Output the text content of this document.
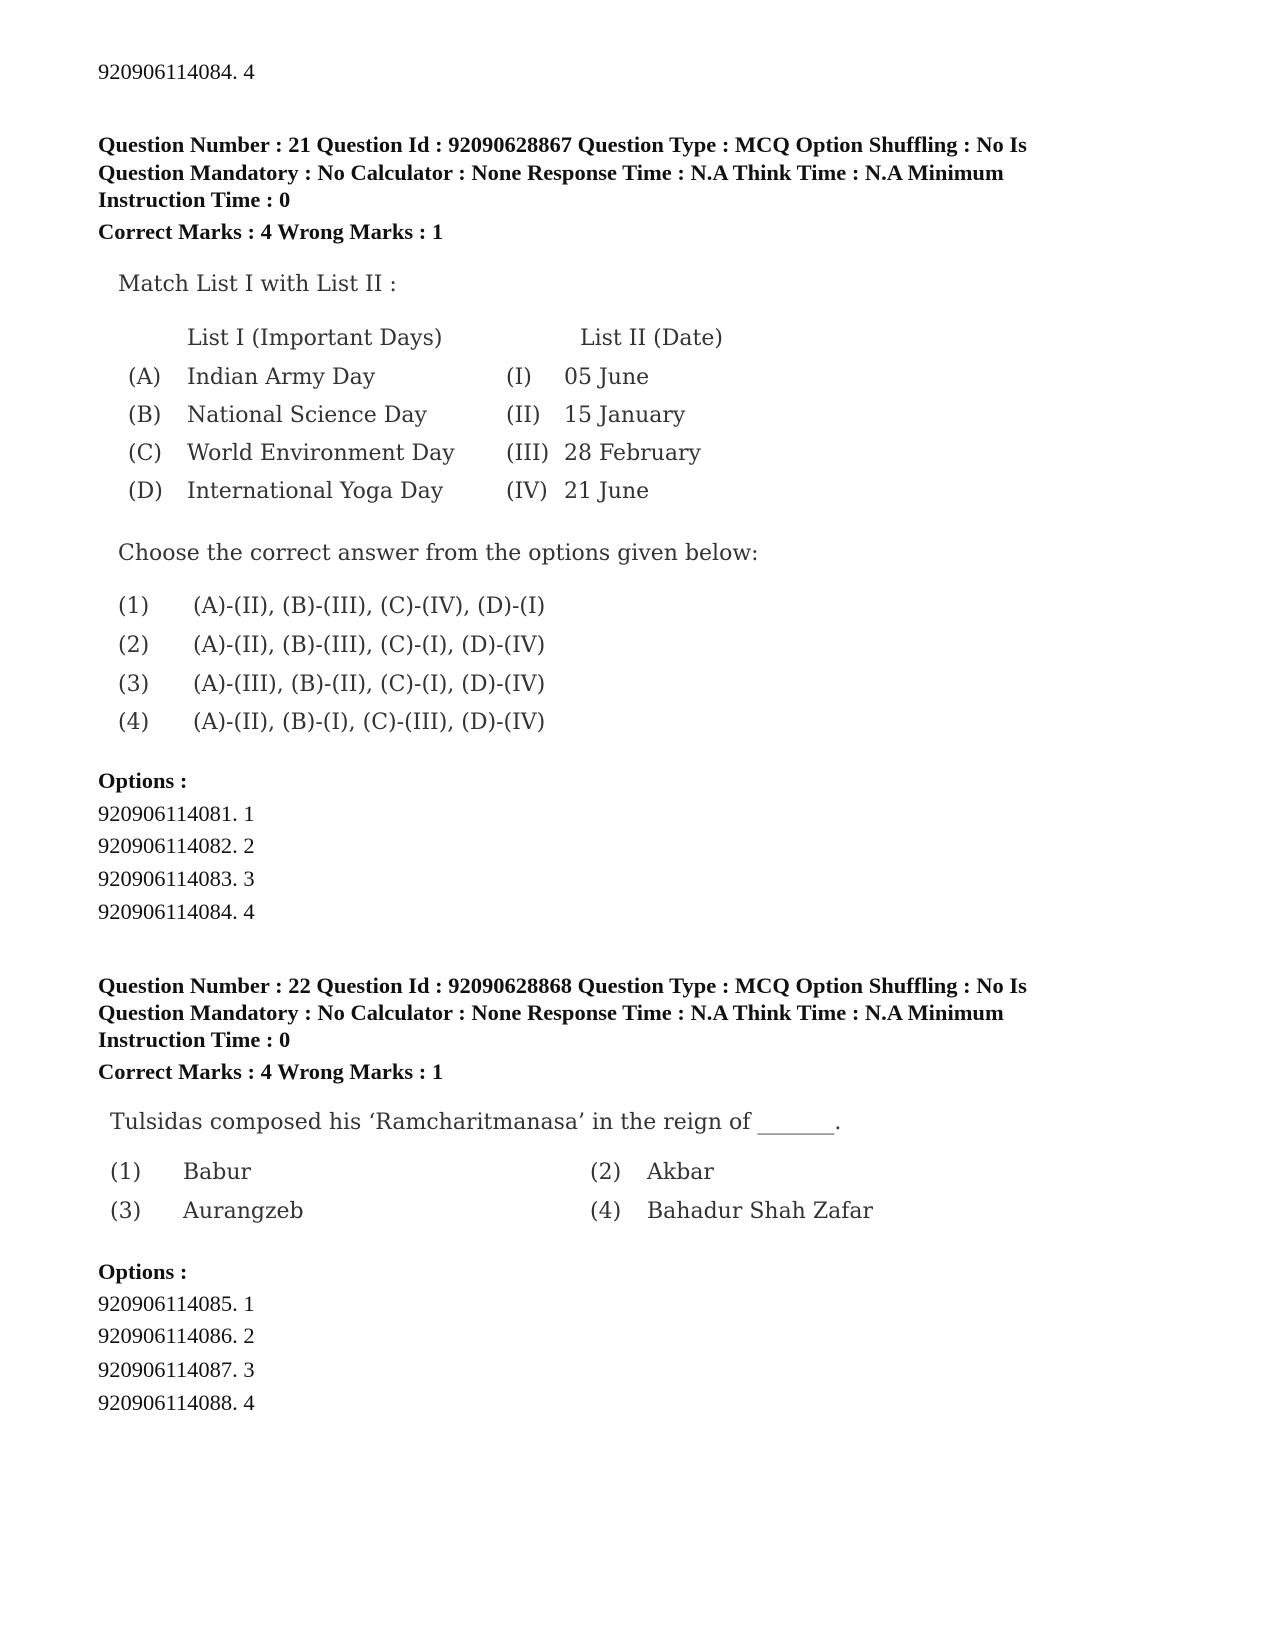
920906114084. 4
Question Number : 21 Question Id : 92090628867 Question Type : MCQ Option Shuffling : No Is
Question Mandatory : No Calculator : None Response Time : N.A Think Time : N.A Minimum
Instruction Time : 0
Correct Marks : 4 Wrong Marks : 1
Match List I with List II :
List I (Important Days)	List II (Date)
(A) Indian Army Day	(I) 05 June
(B) National Science Day	(II) 15 January
(C) World Environment Day (III) 28 February
(D) International Yoga Day	(IV) 21 June
Choose the correct answer from the options given below:
(1) (A)-(II), (B)-(III), (C)-(IV), (D)-(I)
(2) (A)-(II), (B)-(III), (C)-(I), (D)-(IV)
(3) (A)-(III), (B)-(II), (C)-(I), (D)-(IV)
(4) (A)-(II), (B)-(I), (C)-(III), (D)-(IV)
Options :
920906114081. 1
920906114082. 2
920906114083. 3
920906114084. 4
Question Number : 22 Question Id : 92090628868 Question Type : MCQ Option Shuffling : No Is
Question Mandatory : No Calculator : None Response Time : N.A Think Time : N.A Minimum
Instruction Time : 0
Correct Marks : 4 Wrong Marks : 1
Tulsidas composed his ‘Ramcharitmanasa’ in the reign of _______.
(1) Babur	(2) Akbar
(3) Aurangzeb	(4) Bahadur Shah Zafar
Options :
920906114085. 1
920906114086. 2
920906114087. 3
920906114088. 4
